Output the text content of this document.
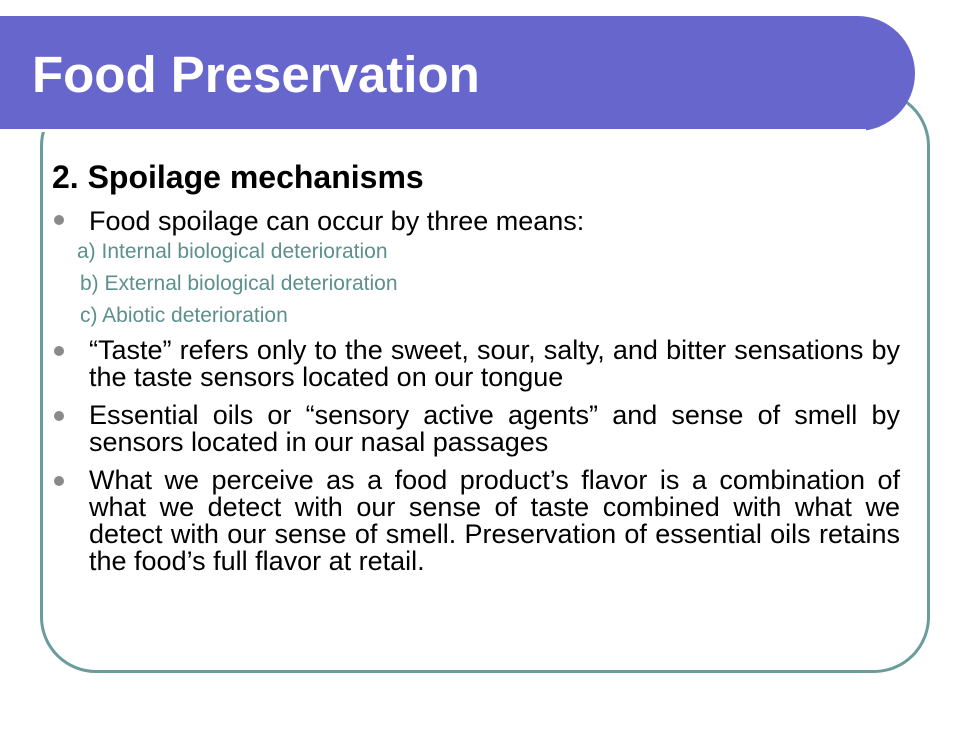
Food Preservation
2. Spoilage mechanisms
Food spoilage can occur by three means:

a) Internal biological deterioration

b) External biological deterioration

c) Abiotic deterioration

“Taste” refers only to the sweet, sour, salty, and bitter sensations by the taste sensors located on our tongue
Essential oils or “sensory active agents” and sense of smell by sensors located in our nasal passages
What we perceive as a food product’s flavor is a combination of what we detect with our sense of taste combined with what we detect with our sense of smell. Preservation of essential oils retains the food’s full flavor at retail.
